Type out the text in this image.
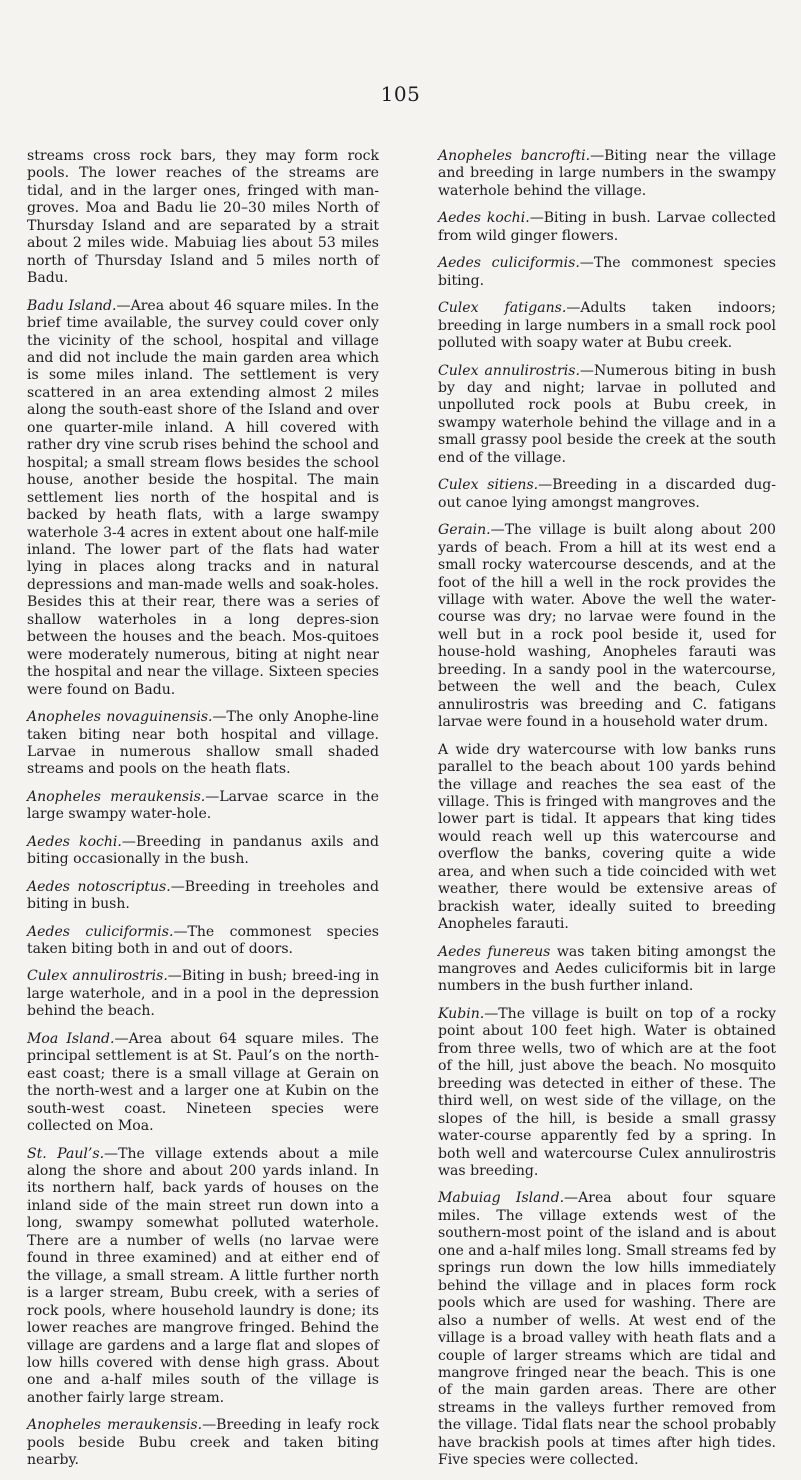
105

streams cross rock bars, they may form rock pools. The lower reaches of the streams are tidal, and in the larger ones, fringed with man-groves. Moa and Badu lie 20–30 miles North of Thursday Island and are separated by a strait about 2 miles wide. Mabuiag lies about 53 miles north of Thursday Island and 5 miles north of Badu.

Badu Island.—Area about 46 square miles. In the brief time available, the survey could cover only the vicinity of the school, hospital and village and did not include the main garden area which is some miles inland. The settlement is very scattered in an area extending almost 2 miles along the south-east shore of the Island and over one quarter-mile inland. A hill covered with rather dry vine scrub rises behind the school and hospital; a small stream flows besides the school house, another beside the hospital. The main settlement lies north of the hospital and is backed by heath flats, with a large swampy waterhole 3-4 acres in extent about one half-mile inland. The lower part of the flats had water lying in places along tracks and in natural depressions and man-made wells and soak-holes. Besides this at their rear, there was a series of shallow waterholes in a long depres-sion between the houses and the beach. Mos-quitoes were moderately numerous, biting at night near the hospital and near the village. Sixteen species were found on Badu.

Anopheles novaguinensis.—The only Anophe-line taken biting near both hospital and village. Larvae in numerous shallow small shaded streams and pools on the heath flats.

Anopheles meraukensis.—Larvae scarce in the large swampy water-hole.

Aedes kochi.—Breeding in pandanus axils and biting occasionally in the bush.

Aedes notoscriptus.—Breeding in treeholes and biting in bush.

Aedes culiciformis.—The commonest species taken biting both in and out of doors.

Culex annulirostris.—Biting in bush; breed-ing in large waterhole, and in a pool in the depression behind the beach.

Moa Island.—Area about 64 square miles. The principal settlement is at St. Paul’s on the north-east coast; there is a small village at Gerain on the north-west and a larger one at Kubin on the south-west coast. Nineteen species were collected on Moa.

St. Paul’s.—The village extends about a mile along the shore and about 200 yards inland. In its northern half, back yards of houses on the inland side of the main street run down into a long, swampy somewhat polluted waterhole. There are a number of wells (no larvae were found in three examined) and at either end of the village, a small stream. A little further north is a larger stream, Bubu creek, with a series of rock pools, where household laundry is done; its lower reaches are mangrove fringed. Behind the village are gardens and a large flat and slopes of low hills covered with dense high grass. About one and a-half miles south of the village is another fairly large stream.

Anopheles meraukensis.—Breeding in leafy rock pools beside Bubu creek and taken biting nearby.

Anopheles bancrofti.—Biting near the village and breeding in large numbers in the swampy waterhole behind the village.

Aedes kochi.—Biting in bush. Larvae collected from wild ginger flowers.

Aedes culiciformis.—The commonest species biting.

Culex fatigans.—Adults taken indoors; breeding in large numbers in a small rock pool polluted with soapy water at Bubu creek.

Culex annulirostris.—Numerous biting in bush by day and night; larvae in polluted and unpolluted rock pools at Bubu creek, in swampy waterhole behind the village and in a small grassy pool beside the creek at the south end of the village.

Culex sitiens.—Breeding in a discarded dug-out canoe lying amongst mangroves.

Gerain.—The village is built along about 200 yards of beach. From a hill at its west end a small rocky watercourse descends, and at the foot of the hill a well in the rock provides the village with water. Above the well the water-course was dry; no larvae were found in the well but in a rock pool beside it, used for house-hold washing, Anopheles farauti was breeding. In a sandy pool in the watercourse, between the well and the beach, Culex annulirostris was breeding and C. fatigans larvae were found in a household water drum.

A wide dry watercourse with low banks runs parallel to the beach about 100 yards behind the village and reaches the sea east of the village. This is fringed with mangroves and the lower part is tidal. It appears that king tides would reach well up this watercourse and overflow the banks, covering quite a wide area, and when such a tide coincided with wet weather, there would be extensive areas of brackish water, ideally suited to breeding Anopheles farauti.

Aedes funereus was taken biting amongst the mangroves and Aedes culiciformis bit in large numbers in the bush further inland.

Kubin.—The village is built on top of a rocky point about 100 feet high. Water is obtained from three wells, two of which are at the foot of the hill, just above the beach. No mosquito breeding was detected in either of these. The third well, on west side of the village, on the slopes of the hill, is beside a small grassy water-course apparently fed by a spring. In both well and watercourse Culex annulirostris was breeding.

Mabuiag Island.—Area about four square miles. The village extends west of the southern-most point of the island and is about one and a-half miles long. Small streams fed by springs run down the low hills immediately behind the village and in places form rock pools which are used for washing. There are also a number of wells. At west end of the village is a broad valley with heath flats and a couple of larger streams which are tidal and mangrove fringed near the beach. This is one of the main garden areas. There are other streams in the valleys further removed from the village. Tidal flats near the school probably have brackish pools at times after high tides. Five species were collected.
